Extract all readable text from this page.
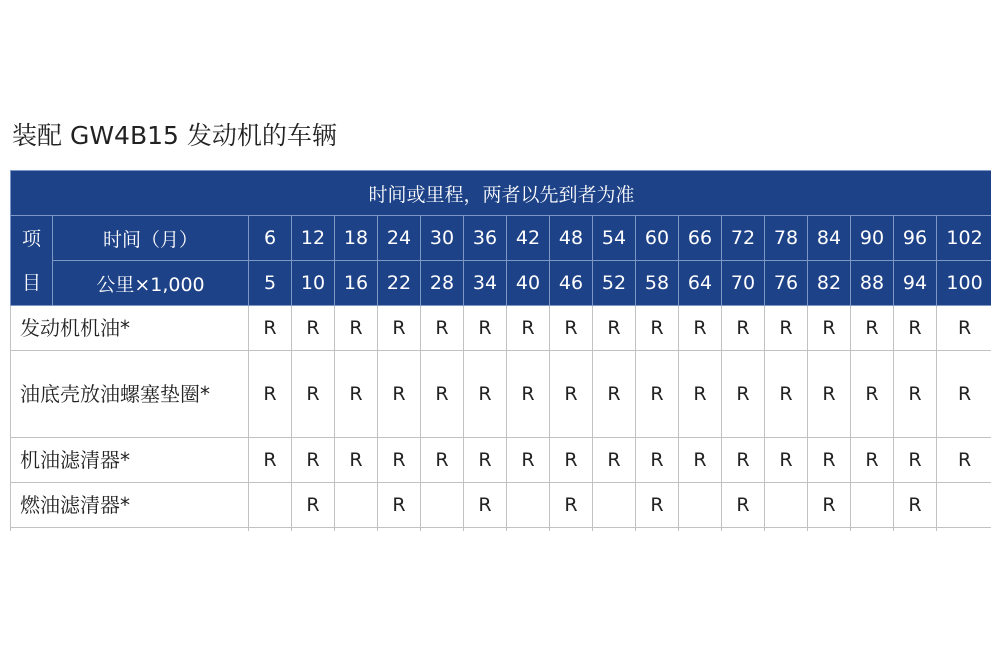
装配 GW4B15 发动机的车辆
时间或里程，两者以先到者为准																		

项
目	时间（月）	6	12	18	24	30	36	42	48	54	60	66	72	78	84	90	96	102
	公里×1,000	5	10	16	22	28	34	40	46	52	58	64	70	76	82	88	94	100
发动机机油*		R	R	R	R	R	R	R	R	R	R	R	R	R	R	R	R	R
油底壳放油螺塞垫圈*		R	R	R	R	R	R	R	R	R	R	R	R	R	R	R	R	R
机油滤清器*		R	R	R	R	R	R	R	R	R	R	R	R	R	R	R	R	R
燃油滤清器*			R		R		R		R		R		R		R		R	
